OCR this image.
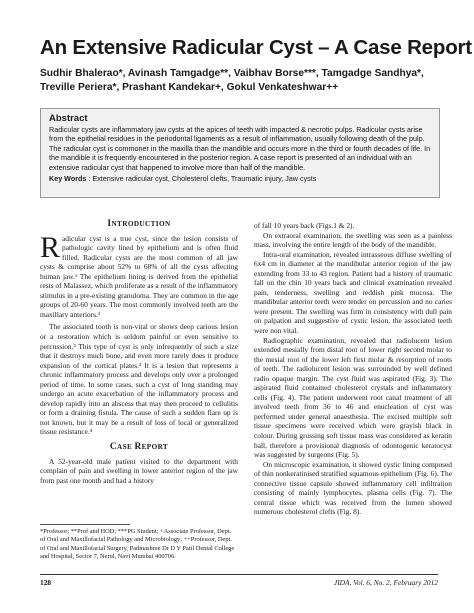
An Extensive Radicular Cyst – A Case Report

Sudhir Bhalerao*, Avinash Tamgadge**, Vaibhav Borse***, Tamgadge Sandhya*, Treville Periera*, Prashant Kandekar+, Gokul Venkateshwar++

Abstract

Radicular cysts are inflammatory jaw cysts at the apices of teeth with impacted & necrotic pulps. Radicular cysts arise from the epithelial residues in the periodontal ligaments as a result of inflammation, usually following death of the pulp. The radicular cyst is commoner in the maxilla than the mandible and occurs more in the third or fourth decades of life. In the mandible it is frequently encountered in the posterior region. A case report is presented of an individual with an extensive radicular cyst that happened to involve more than half of the mandible.
Key Words : Extensive radicular cyst, Cholesterol clefts, Traumatic injury, Jaw cysts

INTRODUCTION

Radicular cyst is a true cyst, since the lesion consists of pathologic cavity lined by epithelium and is often fluid filled. Radicular cysts are the most common of all jaw cysts & comprise about 52% to 68% of all the cysts affecting human jaw.¹ The epithelium lining is derived from the epithelial rests of Malassez, which proliferate as a result of the inflammatory stimulus in a pre-existing granuloma. They are common in the age groups of 20-60 years. The most commonly involved teeth are the maxillary anteriors.²

The associated tooth is non-vital or shows deep carious lesion or a restoration which is seldom painful or even sensitive to percussion.³ This type of cyst is only infrequently of such a size that it destroys much bone, and even more rarely does it produce expansion of the cortical plates.² It is a lesion that represents a chronic inflammatory process and develops only over a prolonged period of time. In some cases, such a cyst of long standing may undergo an acute exacerbation of the inflammatory process and develop rapidly into an abscess that may then proceed to cellulitis or form a draining fistula. The cause of such a sudden flare up is not known, but it may be a result of loss of local or generalized tissue resistance.⁴

CASE REPORT

A 52-year-old male patient visited to the department with complain of pain and swelling in lower anterior region of the jaw from past one month and had a history

*Professor; **Prof and HOD; ***PG Student; +Associate Professor, Dept. of Oral and Maxillofacial Pathology and Microbiology; ++Professor, Dept. of Oral and Maxillofacial Surgery, Padmashree Dr D Y Patil Dental College and Hospital, Sector 7, Nerul, Navi Mumbai 400706.

of fall 10 years back (Figs.1 & 2).

On extraoral examination, the swelling was seen as a painless mass, involving the entire length of the body of the mandible.

Intra-oral examination, revealed intrasseous diffuse swelling of 6x4 cm in diameter at the mandibular anterior region of the jaw extending from 33 to 43 region. Patient had a history of traumatic fall on the chin 10 years back and clinical examination revealed pain, tenderness, swelling and reddish pink mucosa. The mandibular anterior teeth were tender on percussion and no caries were present. The swelling was firm in consistency with dull pain on palpation and suggestive of cystic lesion, the associated teeth were non vital.

Radiographic examination, revealed that radiolucent lesion extended mesially from distal root of lower right second molar to the mesial root of the lower left first molar & resorption of roots of teeth. The radiolucent lesion was surrounded by well defined radio opaque margin. The cyst fluid was aspirated (Fig. 3). The aspirated fluid contained cholesterol crystals and inflammatory cells (Fig. 4). The patient underwent root canal treatment of all involved teeth from 36 to 46 and enucleation of cyst was performed under general anaesthesia. The excised multiple soft tissue specimens were received which were grayish black in colour. During grossing soft tissue mass was considered as keratin ball, therefore a provisional diagnosis of odontogenic keratocyst was suggested by surgeons (Fig. 5).

On microscopic examination, it showed cystic lining composed of thin nonkeratinised stratified squamous epithelium (Fig. 6). The connective tissue capsule showed inflammatory cell infiltration consisting of mainly lymphocytes, plasma cells (Fig. 7). The central tissue which was received from the lumen showed numerous cholesterol clefts (Fig. 8).

128	JIDA, Vol. 6, No. 2, February 2012
